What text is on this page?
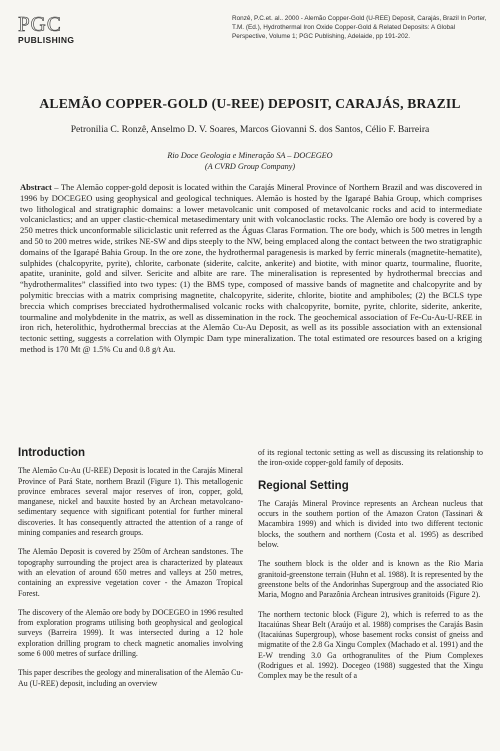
PGC
PUBLISHING
Ronzê, P.C.et. al.. 2000 - Alemão Copper-Gold (U-REE) Deposit, Carajás, Brazil In Porter, T.M. (Ed.), Hydrothermal Iron Oxide Copper-Gold & Related Deposits: A Global Perspective, Volume 1; PGC Publishing, Adelaide, pp 191-202.
ALEMÃO COPPER-GOLD (U-REE) DEPOSIT, CARAJÁS, BRAZIL
Petronilia C. Ronzê, Anselmo D. V. Soares, Marcos Giovanni S. dos Santos, Célio F. Barreira
Rio Doce Geologia e Mineração SA – DOCEGEO
(A CVRD Group Company)
Abstract – The Alemão copper-gold deposit is located within the Carajás Mineral Province of Northern Brazil and was discovered in 1996 by DOCEGEO using geophysical and geological techniques. Alemão is hosted by the Igarapé Bahia Group, which comprises two lithological and stratigraphic domains: a lower metavolcanic unit composed of metavolcanic rocks and acid to intermediate volcaniclastics; and an upper clastic-chemical metasedimentary unit with volcanoclastic rocks. The Alemão ore body is covered by a 250 metres thick unconformable siliciclastic unit referred as the Águas Claras Formation. The ore body, which is 500 metres in length and 50 to 200 metres wide, strikes NE-SW and dips steeply to the NW, being emplaced along the contact between the two stratigraphic domains of the Igarapé Bahia Group. In the ore zone, the hydrothermal paragenesis is marked by ferric minerals (magnetite-hematite), sulphides (chalcopyrite, pyrite), chlorite, carbonate (siderite, calcite, ankerite) and biotite, with minor quartz, tourmaline, fluorite, apatite, uraninite, gold and silver. Sericite and albite are rare. The mineralisation is represented by hydrothermal breccias and “hydrothermalites” classified into two types: (1) the BMS type, composed of massive bands of magnetite and chalcopyrite and by polymitic breccias with a matrix comprising magnetite, chalcopyrite, siderite, chlorite, biotite and amphiboles; (2) the BCLS type breccia which comprises brecciated hydrothermalised volcanic rocks with chalcopyrite, bornite, pyrite, chlorite, siderite, ankerite, tourmaline and molybdenite in the matrix, as well as dissemination in the rock. The geochemical association of Fe-Cu-Au-U-REE in iron rich, heterolithic, hydrothermal breccias at the Alemão Cu-Au Deposit, as well as its possible association with an extensional tectonic setting, suggests a correlation with Olympic Dam type mineralization. The total estimated ore resources based on a kriging method is 170 Mt @ 1.5% Cu and 0.8 g/t Au.
Introduction

The Alemão Cu-Au (U-REE) Deposit is located in the Carajás Mineral Province of Pará State, northern Brazil (Figure 1). This metallogenic province embraces several major reserves of iron, copper, gold, manganese, nickel and bauxite hosted by an Archean metavolcano-sedimentary sequence with significant potential for further mineral discoveries. It has consequently attracted the attention of a range of mining companies and research groups.

The Alemão Deposit is covered by 250m of Archean sandstones. The topography surrounding the project area is characterized by plateaux with an elevation of around 650 metres and valleys at 250 metres, containing an expressive vegetation cover - the Amazon Tropical Forest.

The discovery of the Alemão ore body by DOCEGEO in 1996 resulted from exploration programs utilising both geophysical and geological surveys (Barreira 1999). It was intersected during a 12 hole exploration drilling program to check magnetic anomalies involving some 6 000 metres of surface drilling.

This paper describes the geology and mineralisation of the Alemão Cu-Au (U-REE) deposit, including an overview

of its regional tectonic setting as well as discussing its relationship to the iron-oxide copper-gold family of deposits.

Regional Setting

The Carajás Mineral Province represents an Archean nucleus that occurs in the southern portion of the Amazon Craton (Tassinari & Macambira 1999) and which is divided into two different tectonic blocks, the southern and northern (Costa et al. 1995) as described below.

The southern block is the older and is known as the Rio Maria granitoid-greenstone terrain (Huhn et al. 1988). It is represented by the greenstone belts of the Andorinhas Supergroup and the associated Rio Maria, Mogno and Parazônia Archean intrusives granitoids (Figure 2).

The northern tectonic block (Figure 2), which is referred to as the Itacaiúnas Shear Belt (Araújo et al. 1988) comprises the Carajás Basin (Itacaiúnas Supergroup), whose basement rocks consist of gneiss and migmatite of the 2.8 Ga Xingu Complex (Machado et al. 1991) and the E-W trending 3.0 Ga orthogranulites of the Pium Complexes (Rodrigues et al. 1992). Docegeo (1988) suggested that the Xingu Complex may be the result of a
